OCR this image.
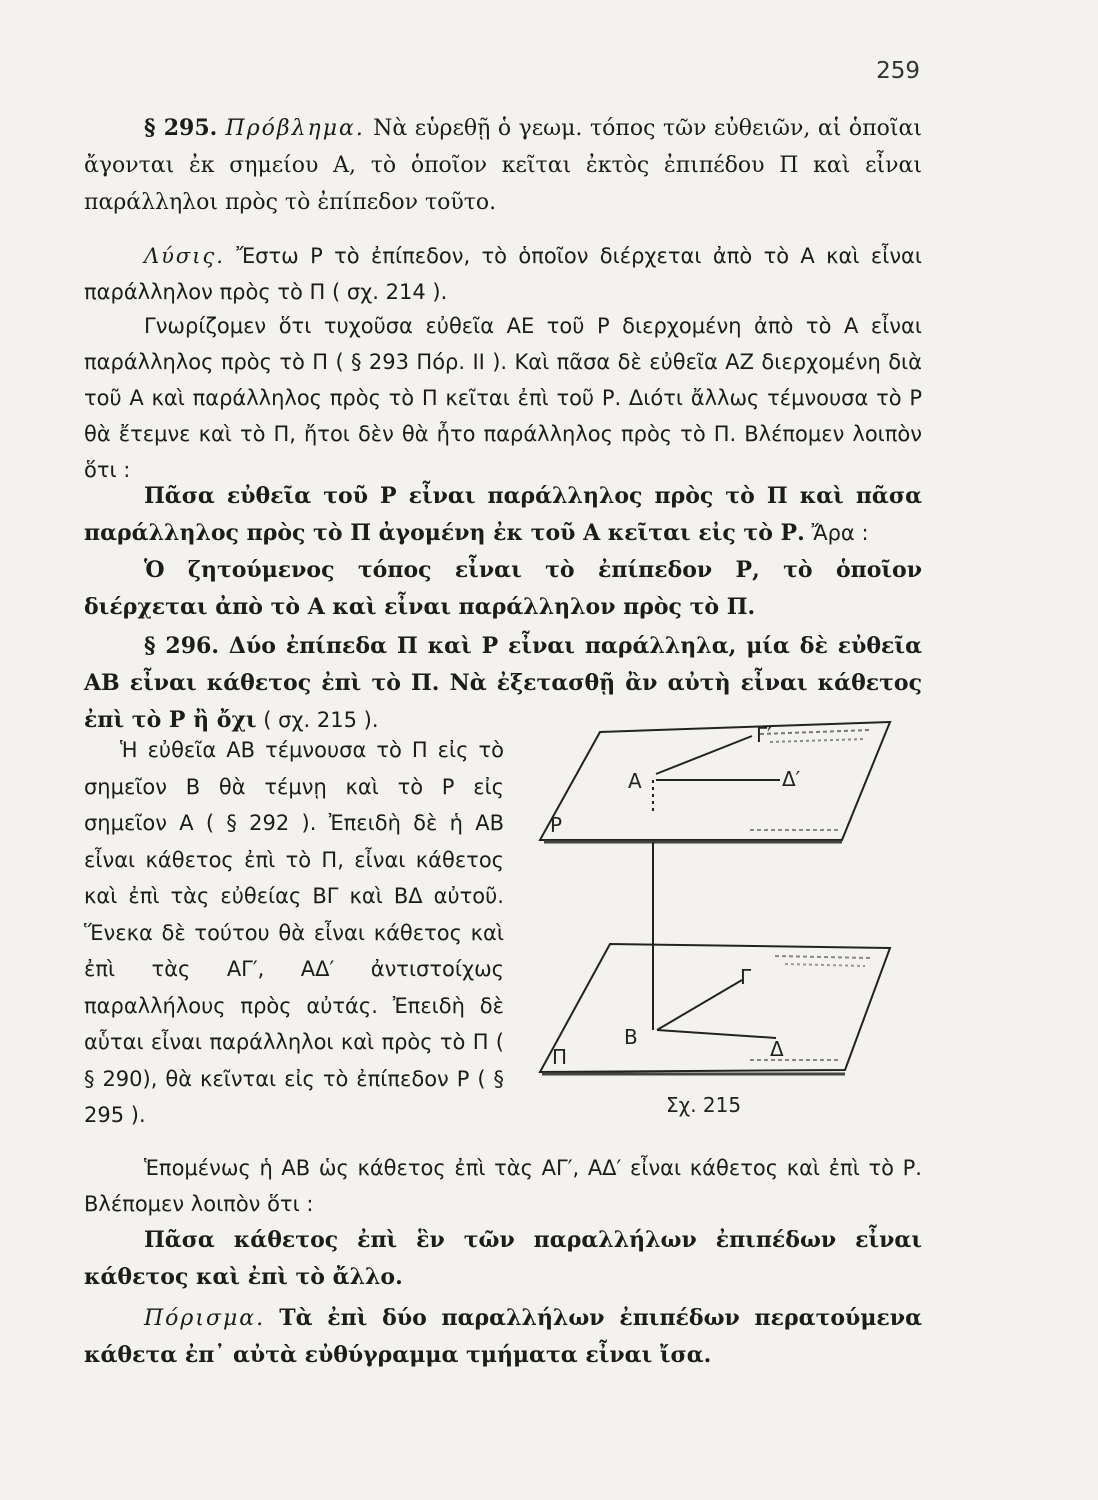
259
§ 295. Πρόβλημα. Νὰ εὑρεθῇ ὁ γεωμ. τόπος τῶν εὐθειῶν, αἱ ὁποῖαι ἄγονται ἐκ σημείου Α, τὸ ὁποῖον κεῖται ἐκτὸς ἐπιπέδου Π καὶ εἶναι παράλληλοι πρὸς τὸ ἐπίπεδον τοῦτο.
Λύσις. Ἔστω Ρ τὸ ἐπίπεδον, τὸ ὁποῖον διέρχεται ἀπὸ τὸ Α καὶ εἶναι παράλληλον πρὸς τὸ Π ( σχ. 214 ).
Γνωρίζομεν ὅτι τυχοῦσα εὐθεῖα ΑΕ τοῦ Ρ διερχομένη ἀπὸ τὸ Α εἶναι παράλληλος πρὸς τὸ Π ( § 293 Πόρ. ΙΙ ). Καὶ πᾶσα δὲ εὐθεῖα ΑΖ διερχομένη διὰ τοῦ Α καὶ παράλληλος πρὸς τὸ Π κεῖται ἐπὶ τοῦ Ρ. Διότι ἄλλως τέμνουσα τὸ Ρ θὰ ἔτεμνε καὶ τὸ Π, ἤτοι δὲν θὰ ἦτο παράλληλος πρὸς τὸ Π. Βλέπομεν λοιπὸν ὅτι :
Πᾶσα εὐθεῖα τοῦ Ρ εἶναι παράλληλος πρὸς τὸ Π καὶ πᾶσα παράλληλος πρὸς τὸ Π ἀγομένη ἐκ τοῦ Α κεῖται εἰς τὸ Ρ. Ἄρα :
Ὁ ζητούμενος τόπος εἶναι τὸ ἐπίπεδον Ρ, τὸ ὁποῖον διέρχεται ἀπὸ τὸ Α καὶ εἶναι παράλληλον πρὸς τὸ Π.
§ 296. Δύο ἐπίπεδα Π καὶ Ρ εἶναι παράλληλα, μία δὲ εὐθεῖα ΑΒ εἶναι κάθετος ἐπὶ τὸ Π. Νὰ ἐξετασθῇ ἂν αὐτὴ εἶναι κάθετος ἐπὶ τὸ Ρ ἢ ὄχι ( σχ. 215 ).
Ἡ εὐθεῖα ΑΒ τέμνουσα τὸ Π εἰς τὸ σημεῖον Β θὰ τέμνῃ καὶ τὸ Ρ εἰς σημεῖον Α ( § 292 ). Ἐπειδὴ δὲ ἡ ΑΒ εἶναι κάθετος ἐπὶ τὸ Π, εἶναι κάθετος καὶ ἐπὶ τὰς εὐθείας ΒΓ καὶ ΒΔ αὐτοῦ. Ἕνεκα δὲ τούτου θὰ εἶναι κάθετος καὶ ἐπὶ τὰς ΑΓ′, ΑΔ′ ἀντιστοίχως παραλλήλους πρὸς αὐτάς. Ἐπειδὴ δὲ αὗται εἶναι παράλληλοι καὶ πρὸς τὸ Π ( § 290), θὰ κεῖνται εἰς τὸ ἐπίπεδον Ρ ( § 295 ).
Ἑπομένως ἡ ΑΒ ὡς κάθετος ἐπὶ τὰς ΑΓ′, ΑΔ′ εἶναι κάθετος καὶ ἐπὶ τὸ Ρ. Βλέπομεν λοιπὸν ὅτι :
Πᾶσα κάθετος ἐπὶ ἓν τῶν παραλλήλων ἐπιπέδων εἶναι κάθετος καὶ ἐπὶ τὸ ἄλλο.
Πόρισμα. Τὰ ἐπὶ δύο παραλλήλων ἐπιπέδων περατούμενα κάθετα ἐπ᾽ αὐτὰ εὐθύγραμμα τμήματα εἶναι ἴσα.
Α
Γ′
Δ′
Ρ
Β
Γ
Δ
Π
Σχ. 215
